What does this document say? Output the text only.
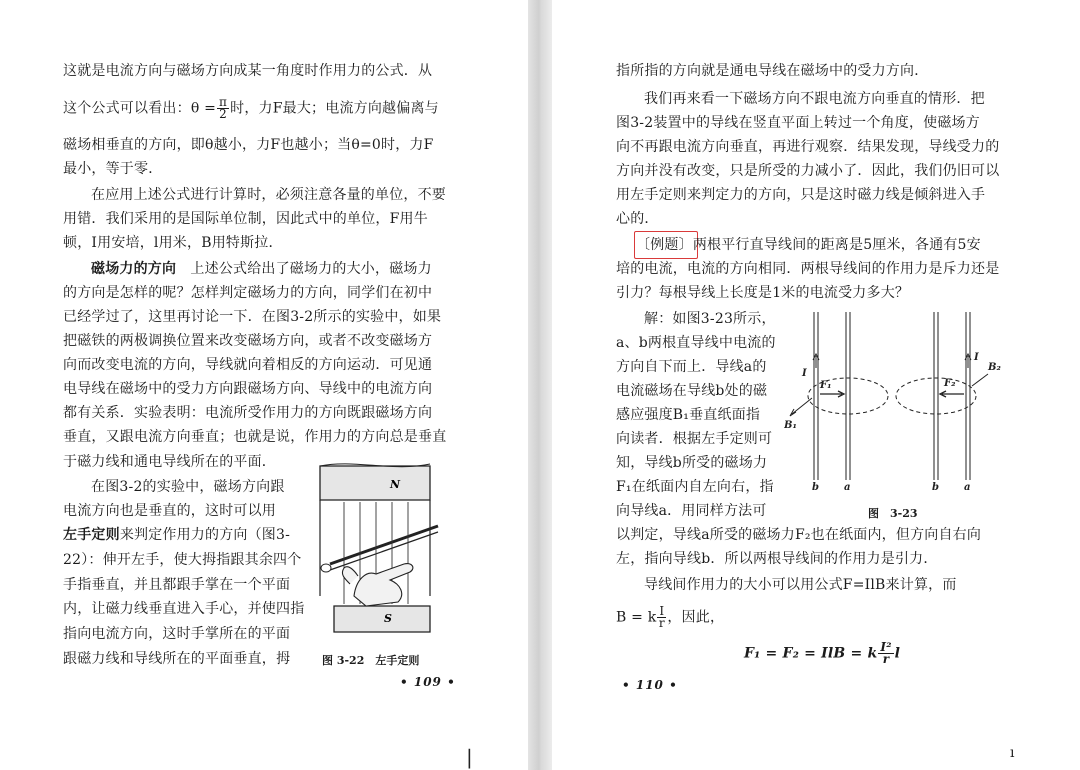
这就是电流方向与磁场方向成某一角度时作用力的公式．从
这个公式可以看出：$\theta = \frac{\pi}{2}$ 时，力F最大；电流方向越偏离与
磁场相垂直的方向，即θ越小，力F也越小；当θ=0时，力F
最小，等于零．
在应用上述公式进行计算时，必须注意各量的单位，不要
用错．我们采用的是国际单位制，因此式中的单位，F用牛
顿，I用安培，l用米，B用特斯拉．
磁场力的方向　 上述公式给出了磁场力的大小，磁场力
的方向是怎样的呢？怎样判定磁场力的方向，同学们在初中
已经学过了，这里再讨论一下．在图3-2所示的实验中，如果
把磁铁的两极调换位置来改变磁场方向，或者不改变磁场方
向而改变电流的方向，导线就向着相反的方向运动．可见通
电导线在磁场中的受力方向跟磁场方向、导线中的电流方向
都有关系．实验表明：电流所受作用力的方向既跟磁场方向
垂直，又跟电流方向垂直；也就是说，作用力的方向总是垂直
于磁力线和通电导线所在的平面．
在图3-2的实验中，磁场方向跟
电流方向也是垂直的，这时可以用
左手定则来判定作用力的方向（图3-
22）：伸开左手，使大拇指跟其余四个
手指垂直，并且都跟手掌在一个平面
内，让磁力线垂直进入手心，并使四指
指向电流方向，这时手掌所在的平面
跟磁力线和导线所在的平面垂直，拇
N
S
图 3-22　左手定则
• 109 •
|
指所指的方向就是通电导线在磁场中的受力方向．
我们再来看一下磁场方向不跟电流方向垂直的情形．把
图3-2装置中的导线在竖直平面上转过一个角度，使磁场方
向不再跟电流方向垂直，再进行观察．结果发现，导线受力的
方向并没有改变，只是所受的力减小了．因此，我们仍旧可以
用左手定则来判定力的方向，只是这时磁力线是倾斜进入手
心的．
〔例题〕两根平行直导线间的距离是5厘米，各通有5安
培的电流，电流的方向相同．两根导线间的作用力是斥力还是
引力？每根导线上长度是1米的电流受力多大？
解：如图3-23所示，
a、b两根直导线中电流的
方向自下而上．导线a的
电流磁场在导线b处的磁
感应强度B₁垂直纸面指
向读者．根据左手定则可
知，导线b所受的磁场力
F₁在纸面内自左向右，指
向导线a．用同样方法可
以判定，导线a所受的磁场力F₂也在纸面内，但方向自右向
左，指向导线b．所以两根导线间的作用力是引力．
导线间作用力的大小可以用公式F=IlB来计算，而
B = k $\frac{I}{r}$ ，因此，
F₁ = F₂ = IlB = k $\frac{\text{I²}}{r}$ l
I
I
F₁	F₂
B₁
B₂
b	a	b	a
图　3-23
• 110 •
ı
